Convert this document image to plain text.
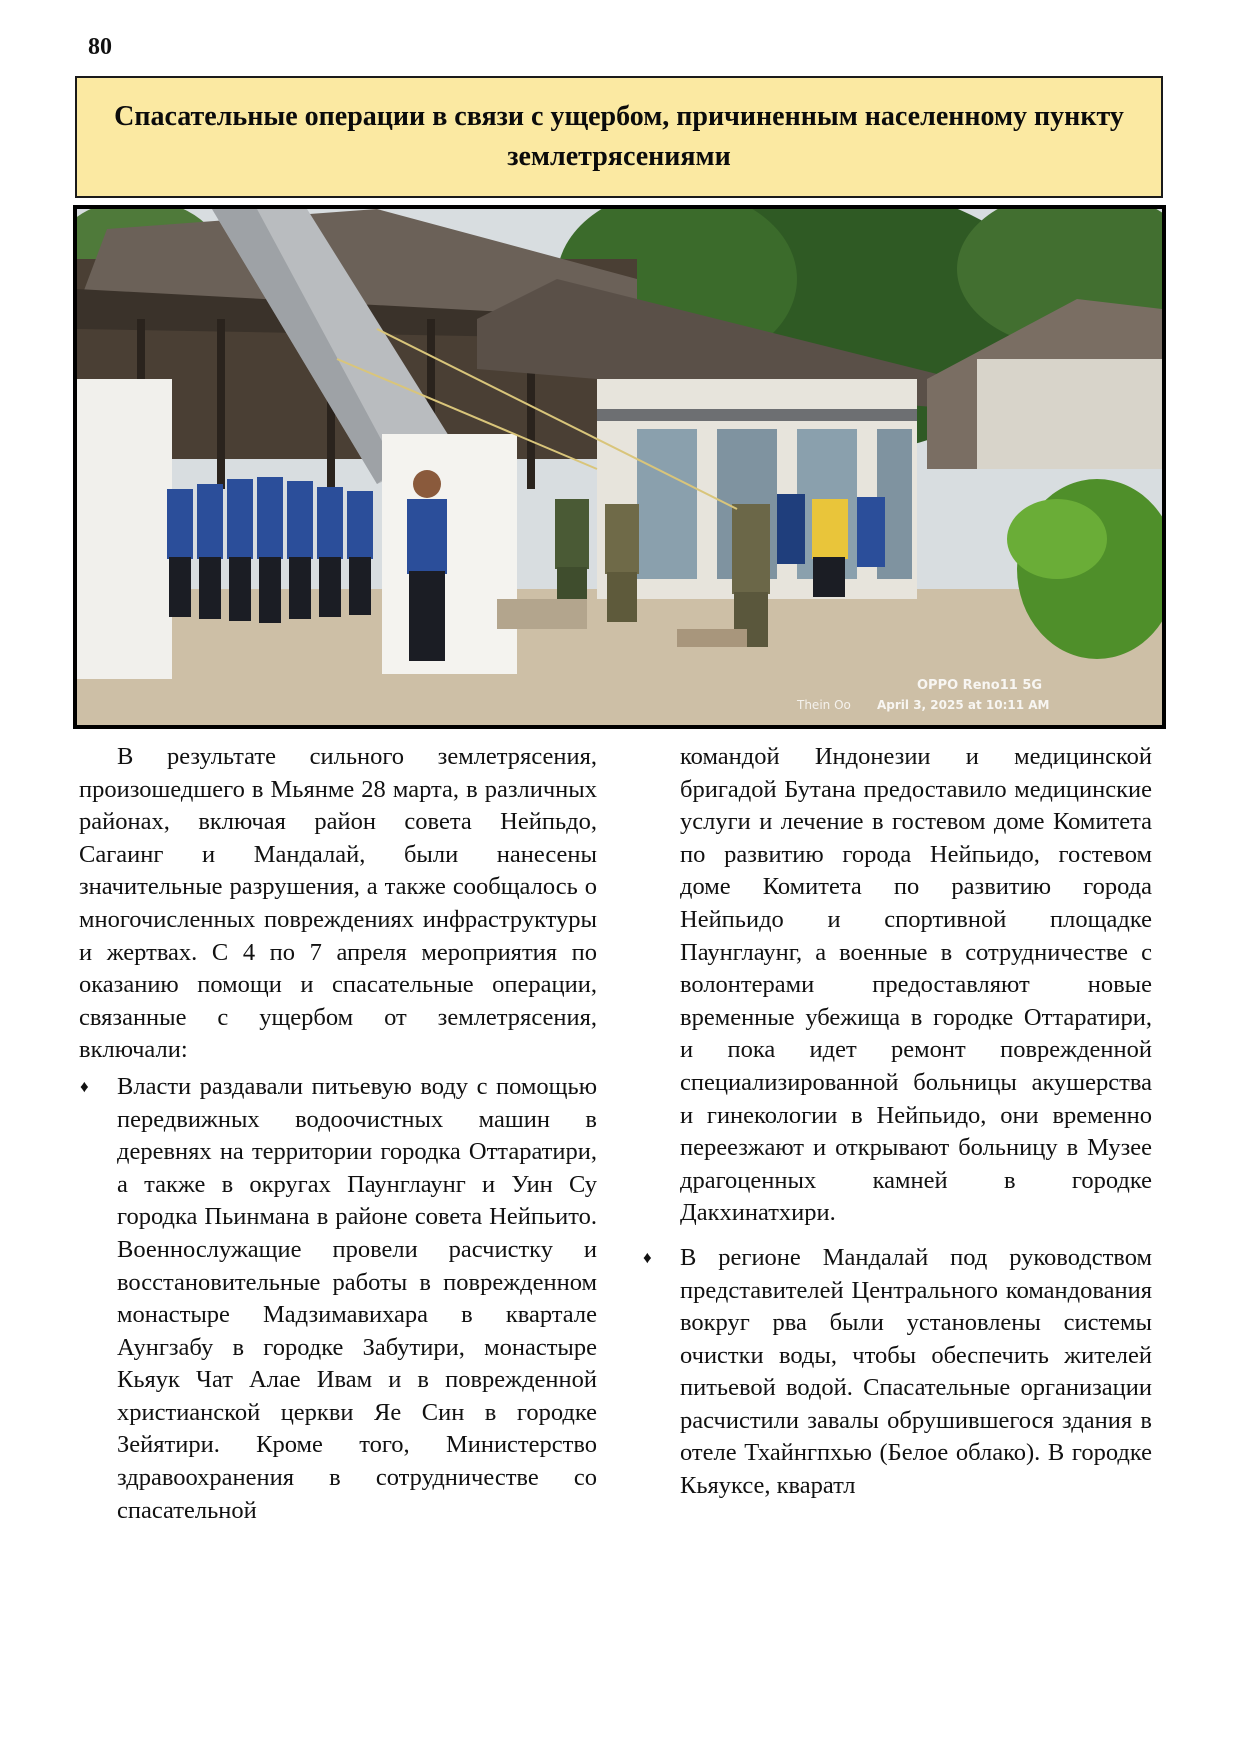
80
Спасательные операции в связи с ущербом, причиненным населенному пункту землетрясениями
OPPO Reno11 5G
Thein Oo April 3, 2025 at 10:11 AM

В результате сильного землетрясения, произошедшего в Мьянме 28 марта, в различных районах, включая район совета Нейпьдо, Сагаинг и Мандалай, были нанесены значительные разрушения, а также сообщалось о многочисленных повреждениях инфраструктуры и жертвах. С 4 по 7 апреля мероприятия по оказанию помощи и спасательные операции, связанные с ущербом от землетрясения, включали:

♦ Власти раздавали питьевую воду с помощью передвижных водоочистных машин в деревнях на территории городка Оттаратири, а также в округах Паунглаунг и Уин Су городка Пьинмана в районе совета Нейпьито. Военнослужащие провели расчистку и восстановительные работы в поврежденном монастыре Мадзимавихара в квартале Аунгзабу в городке Забутири, монастыре Кьяук Чат Алае Ивам и в поврежденной христианской церкви Яе Син в городке Зейятири. Кроме того, Министерство здравоохранения в сотрудничестве со спасательной

командой Индонезии и медицинской бригадой Бутана предоставило медицинские услуги и лечение в гостевом доме Комитета по развитию города Нейпьидо, гостевом доме Комитета по развитию города Нейпьидо и спортивной площадке Паунглаунг, а военные в сотрудничестве с волонтерами предоставляют новые временные убежища в городке Оттаратири, и пока идет ремонт поврежденной специализированной больницы акушерства и гинекологии в Нейпьидо, они временно переезжают и открывают больницу в Музее драгоценных камней в городке Дакхинатхири.

♦ В регионе Мандалай под руководством представителей Центрального командования вокруг рва были установлены системы очистки воды, чтобы обеспечить жителей питьевой водой. Спасательные организации расчистили завалы обрушившегося здания в отеле Тхайнгпхью (Белое облако). В городке Кьяуксе, кваратл
